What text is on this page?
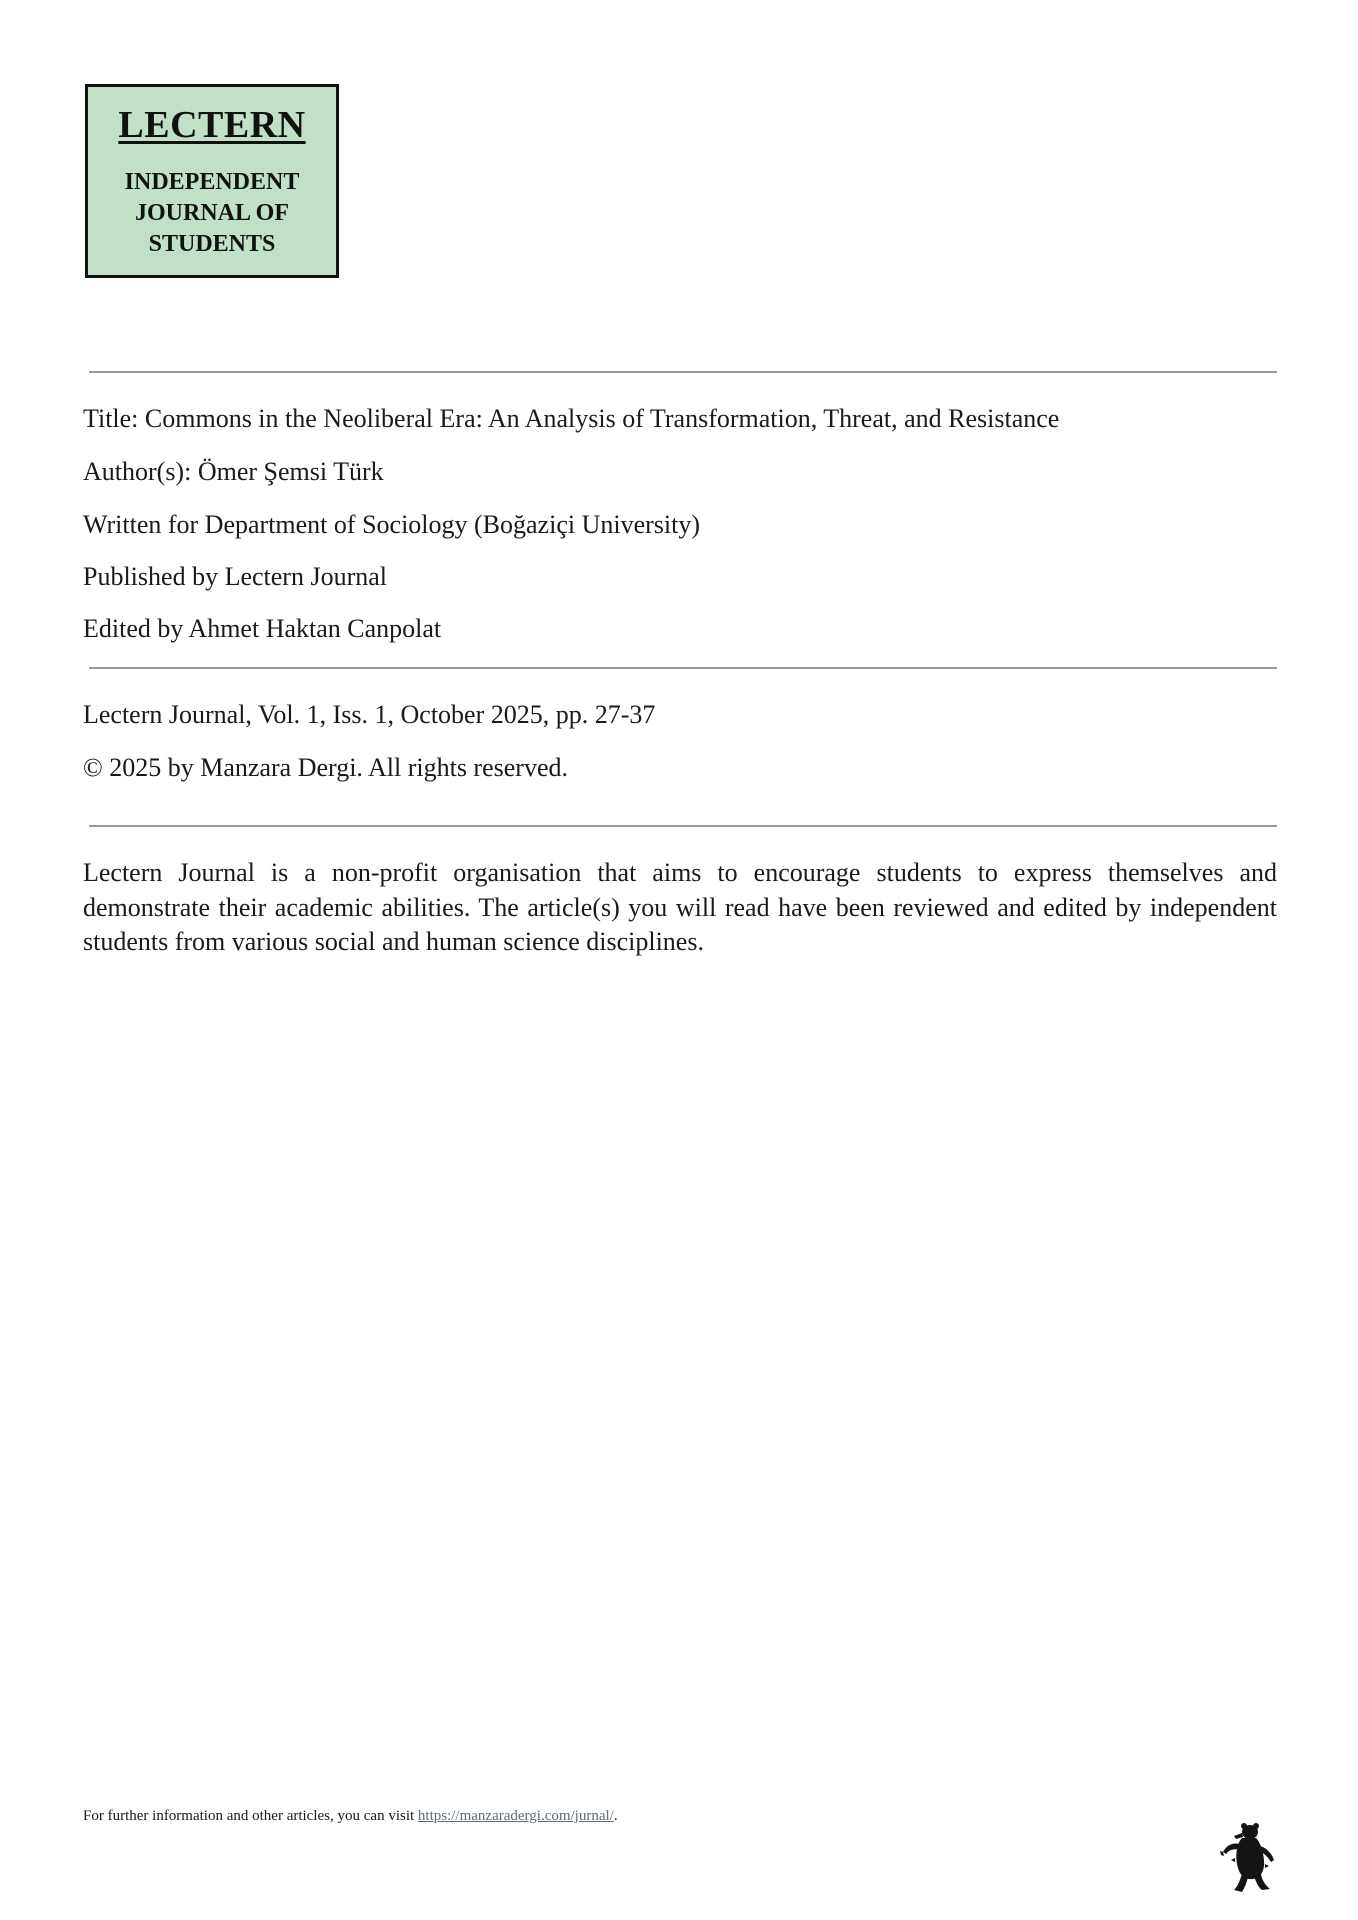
LECTERN
INDEPENDENT
JOURNAL OF
STUDENTS
Title: Commons in the Neoliberal Era: An Analysis of Transformation, Threat, and Resistance
Author(s): Ömer Şemsi Türk
Written for Department of Sociology (Boğaziçi University)
Published by Lectern Journal
Edited by Ahmet Haktan Canpolat
Lectern Journal, Vol. 1, Iss. 1, October 2025, pp. 27-37
© 2025 by Manzara Dergi. All rights reserved.

Lectern Journal is a non-profit organisation that aims to encourage students to express themselves and demonstrate their academic abilities. The article(s) you will read have been reviewed and edited by independent students from various social and human science disciplines.

For further information and other articles, you can visit https://manzaradergi.com/jurnal/.
